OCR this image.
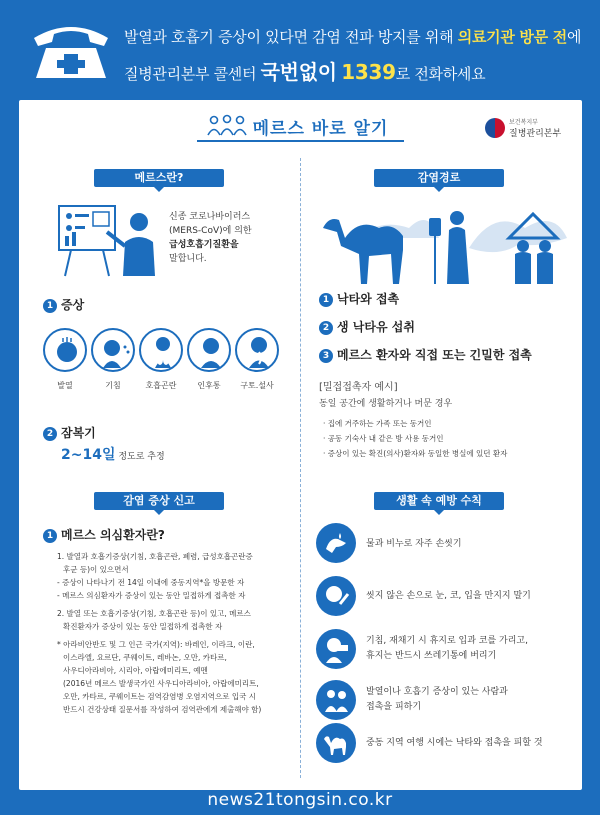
발열과 호흡기 증상이 있다면 감염 전파 방지를 위해 의료기관 방문 전에
질병관리본부 콜센터 국번없이 1339로 전화하세요
메르스 바로 알기	보건복지부
질병관리본부
메르스란?
신종 코로나바이러스
(MERS-CoV)에 의한
급성호흡기질환을
말합니다.
1 증상
발열	기침	호흡곤란	인후통	구토.설사
2 잠복기
2~14일 정도로 추정
감염 증상 신고
1 메르스 의심환자란?
1. 발열과 호흡기증상(기침, 호흡곤란, 폐렴, 급성호흡곤란증
후군 등)이 있으면서
- 증상이 나타나기 전 14일 이내에 중동지역*을 방문한 자
- 메르스 의심환자가 증상이 있는 동안 밀접하게 접촉한 자
2. 발열 또는 호흡기증상(기침, 호흡곤란 등)이 있고, 메르스
확진환자가 증상이 있는 동안 밀접하게 접촉한 자
* 아라비안반도 및 그 인근 국가(지역): 바레인, 이라크, 이란,
이스라엘, 요르단, 쿠웨이트, 레바논, 오만, 카타르,
사우디아라비아, 시리아, 아랍에미리트, 예멘
(2016년 메르스 발생국가인 사우디아라비아, 아랍에미리트,
오만, 카타르, 쿠웨이트는 검역감염병 오염지역으로 입국 시
반드시 건강상태 질문서를 작성하여 검역관에게 제출해야 함)
감염경로
1 낙타와 접촉
2 생 낙타유 섭취
3 메르스 환자와 직접 또는 긴밀한 접촉
[밀접접촉자 예시]
동일 공간에 생활하거나 머문 경우
· 집에 거주하는 가족 또는 동거인
· 공동 기숙사 내 같은 방 사용 동거인
· 증상이 있는 확진(의사)환자와 동일한 병실에 있던 환자
생활 속 예방 수칙
물과 비누로 자주 손씻기
씻지 않은 손으로 눈, 코, 입을 만지지 말기
기침, 재채기 시 휴지로 입과 코를 가리고,
휴지는 반드시 쓰레기통에 버리기
발열이나 호흡기 증상이 있는 사람과
접촉을 피하기
중동 지역 여행 시에는 낙타와 접촉을 피할 것
news21tongsin.co.kr
